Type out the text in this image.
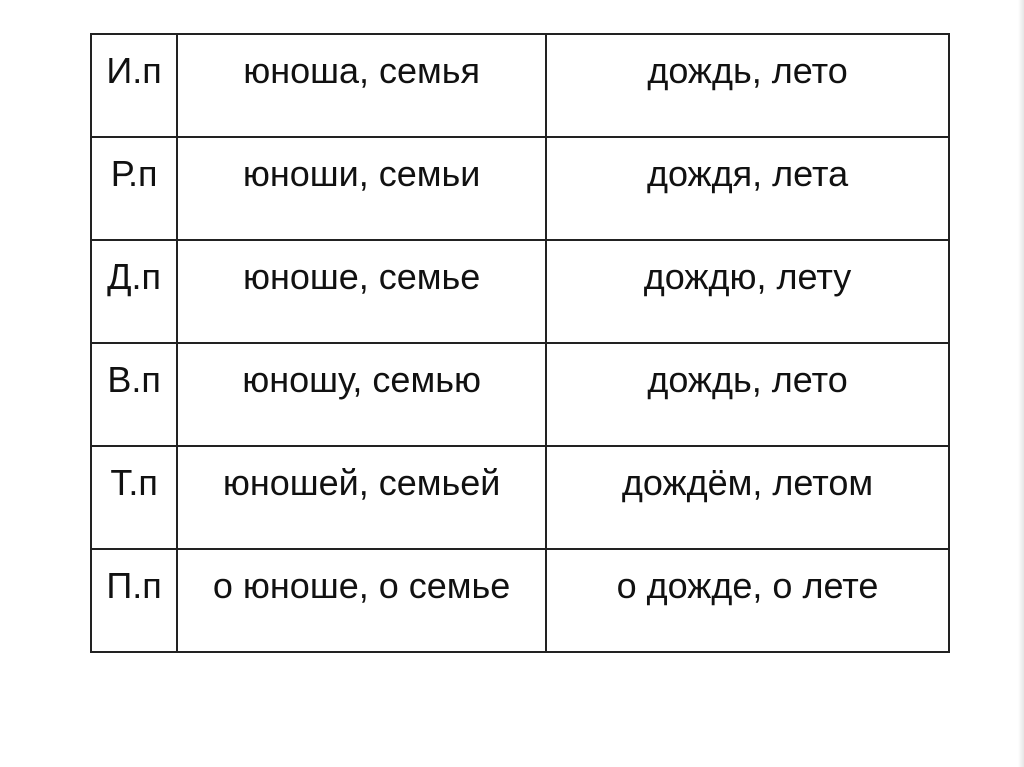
И.п	юноша, семья	дождь, лето

Р.п	юноши, семьи	дождя, лета

Д.п	юноше, семье	дождю, лету

В.п	юношу, семью	дождь, лето

Т.п	юношей, семьей	дождём, летом

П.п	о юноше, о семье	о дожде, о лете
